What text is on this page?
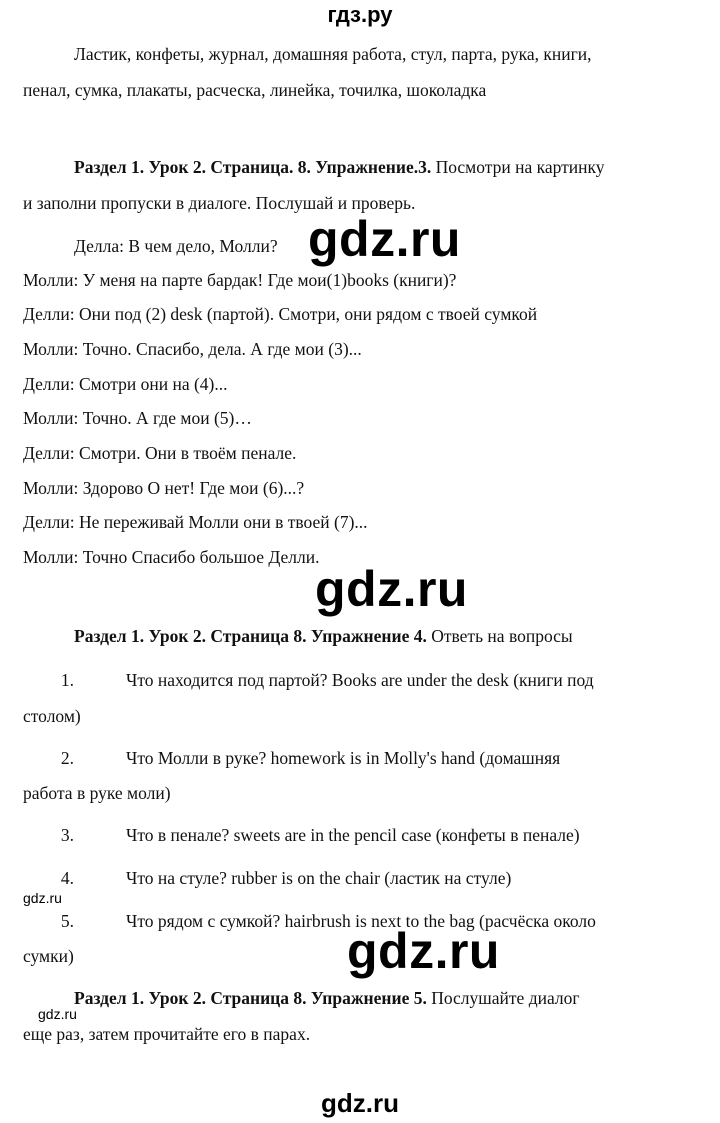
гдз.ру
Ластик, конфеты, журнал, домашняя работа, стул, парта, рука, книги,
пенал, сумка, плакаты, расческа, линейка, точилка, шоколадка
Раздел 1. Урок 2. Страница. 8. Упражнение.3. Посмотри на картинку
и заполни пропуски в диалоге. Послушай и проверь.
Делла: В чем дело, Молли?
Молли: У меня на парте бардак! Где мои(1)books (книги)?
Делли: Они под (2) desk (партой). Смотри, они рядом с твоей сумкой
Молли: Точно. Спасибо, дела. А где мои (3)...
Делли: Смотри они на (4)...
Молли: Точно. А где мои (5)…
Делли: Смотри. Они в твоём пенале.
Молли: Здорово О нет! Где мои (6)...?
Делли: Не переживай Молли они в твоей (7)...
Молли: Точно Спасибо большое Делли.
gdz.ru
gdz.ru
Раздел 1. Урок 2. Страница 8. Упражнение 4. Ответь на вопросы
1.	Что находится под партой? Books are under the desk (книги под
столом)
2.	Что Молли в руке? homework is in Molly's hand (домашняя
работа в руке моли)
3.	Что в пенале? sweets are in the pencil case (конфеты в пенале)
4.	Что на стуле? rubber is on the chair (ластик на стуле)
gdz.ru
5.	Что рядом с сумкой? hairbrush is next to the bag (расчёска около
сумки)	gdz.ru
Раздел 1. Урок 2. Страница 8. Упражнение 5. Послушайте диалог
gdz.ru
еще раз, затем прочитайте его в парах.
gdz.ru
